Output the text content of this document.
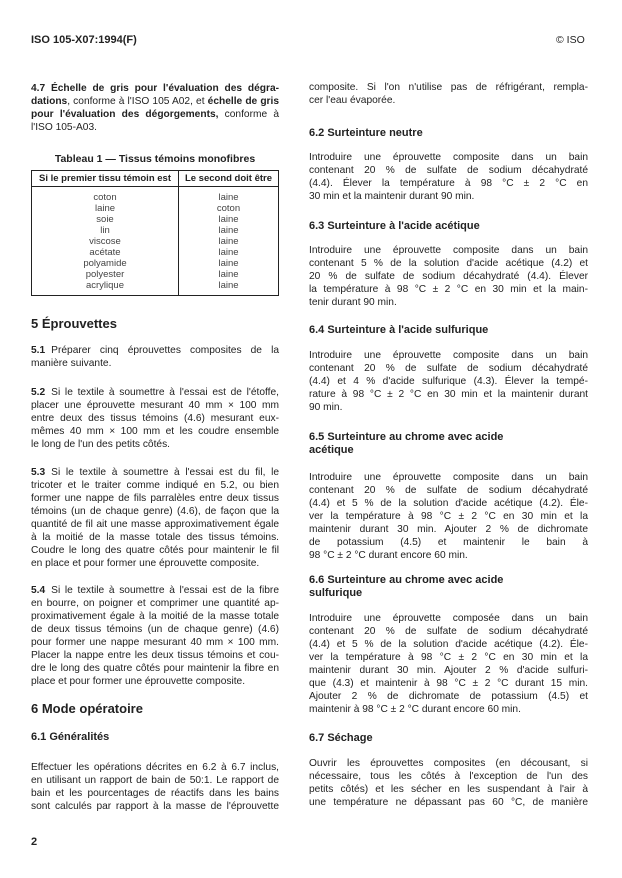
ISO 105-X07:1994(F)	© ISO
4.7 Échelle de gris pour l'évaluation des dégra-
dations, conforme à l'ISO 105 A02, et échelle de gris
pour l'évaluation des dégorgements, conforme à
l'ISO 105-A03.
Tableau 1 — Tissus témoins monofibres
Si le premier tissu témoin est	Le second doit être
coton	laine
laine	coton
soie	laine
lin	laine
viscose	laine
acétate	laine
polyamide	laine
polyester	laine
acrylique	laine
5 Éprouvettes
5.1 Préparer cinq éprouvettes composites de la
manière suivante.
5.2 Si le textile à soumettre à l'essai est de l'étoffe,
placer une éprouvette mesurant 40 mm × 100 mm
entre deux des tissus témoins (4.6) mesurant eux-
mêmes 40 mm × 100 mm et les coudre ensemble
le long de l'un des petits côtés.
5.3 Si le textile à soumettre à l'essai est du fil, le
tricoter et le traiter comme indiqué en 5.2, ou bien
former une nappe de fils parralèles entre deux tissus
témoins (un de chaque genre) (4.6), de façon que la
quantité de fil ait une masse approximativement égale
à la moitié de la masse totale des tissus témoins.
Coudre le long des quatre côtés pour maintenir le fil
en place et pour former une éprouvette composite.
5.4 Si le textile à soumettre à l'essai est de la fibre
en bourre, on poigner et comprimer une quantité ap-
proximativement égale à la moitié de la masse totale
de deux tissus témoins (un de chaque genre) (4.6)
pour former une nappe mesurant 40 mm × 100 mm.
Placer la nappe entre les deux tissus témoins et cou-
dre le long des quatre côtés pour maintenir la fibre en
place et pour former une éprouvette composite.
6 Mode opératoire
6.1 Généralités
Effectuer les opérations décrites en 6.2 à 6.7 inclus,
en utilisant un rapport de bain de 50:1. Le rapport de
bain et les pourcentages de réactifs dans les bains
sont calculés par rapport à la masse de l'éprouvette
composite. Si l'on n'utilise pas de réfrigérant, rempla-
cer l'eau évaporée.
6.2 Surteinture neutre
Introduire une éprouvette composite dans un bain
contenant 20 % de sulfate de sodium décahydraté
(4.4). Élever la température à 98 °C ± 2 °C en
30 min et la maintenir durant 90 min.
6.3 Surteinture à l'acide acétique
Introduire une éprouvette composite dans un bain
contenant 5 % de la solution d'acide acétique (4.2) et
20 % de sulfate de sodium décahydraté (4.4). Élever
la température à 98 °C ± 2 °C en 30 min et la main-
tenir durant 90 min.
6.4 Surteinture à l'acide sulfurique
Introduire une éprouvette composite dans un bain
contenant 20 % de sulfate de sodium décahydraté
(4.4) et 4 % d'acide sulfurique (4.3). Élever la tempé-
rature à 98 °C ± 2 °C en 30 min et la maintenir durant
90 min.
6.5 Surteinture au chrome avec acide
acétique
Introduire une éprouvette composite dans un bain
contenant 20 % de sulfate de sodium décahydraté
(4.4) et 5 % de la solution d'acide acétique (4.2). Éle-
ver la température à 98 °C ± 2 °C en 30 min et la
maintenir durant 30 min. Ajouter 2 % de dichromate
de potassium (4.5) et maintenir le bain à
98 °C ± 2 °C durant encore 60 min.
6.6 Surteinture au chrome avec acide
sulfurique
Introduire une éprouvette composée dans un bain
contenant 20 % de sulfate de sodium décahydraté
(4.4) et 5 % de la solution d'acide acétique (4.2). Éle-
ver la température à 98 °C ± 2 °C en 30 min et la
maintenir durant 30 min. Ajouter 2 % d'acide sulfuri-
que (4.3) et maintenir à 98 °C ± 2 °C durant 15 min.
Ajouter 2 % de dichromate de potassium (4.5) et
maintenir à 98 °C ± 2 °C durant encore 60 min.
6.7 Séchage
Ouvrir les éprouvettes composites (en décousant, si
nécessaire, tous les côtés à l'exception de l'un des
petits côtés) et les sécher en les suspendant à l'air à
une température ne dépassant pas 60 °C, de manière
2
